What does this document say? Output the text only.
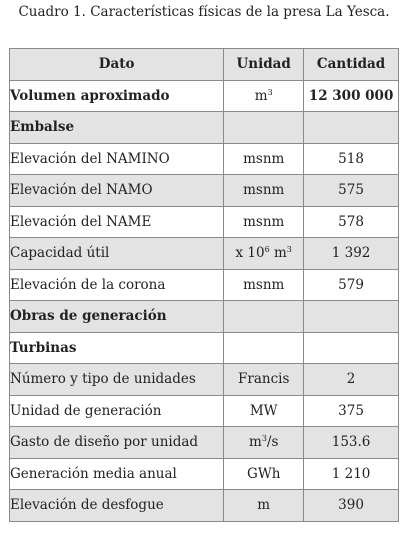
Cuadro 1. Características físicas de la presa La Yesca.
Dato	Unidad	Cantidad
Volumen aproximado	$m^3$	12 300 000
Embalse		
Elevación del NAMINO	msnm	518
Elevación del NAMO	msnm	575
Elevación del NAME	msnm	578
Capacidad útil	x $10^6$ $m^3$	1 392
Elevación de la corona	msnm	579
Obras de generación		
Turbinas		
Número y tipo de unidades	Francis	2
Unidad de generación	MW	375
Gasto de diseño por unidad	$m^3/s$	153.6
Generación media anual	GWh	1 210
Elevación de desfogue	m	390
